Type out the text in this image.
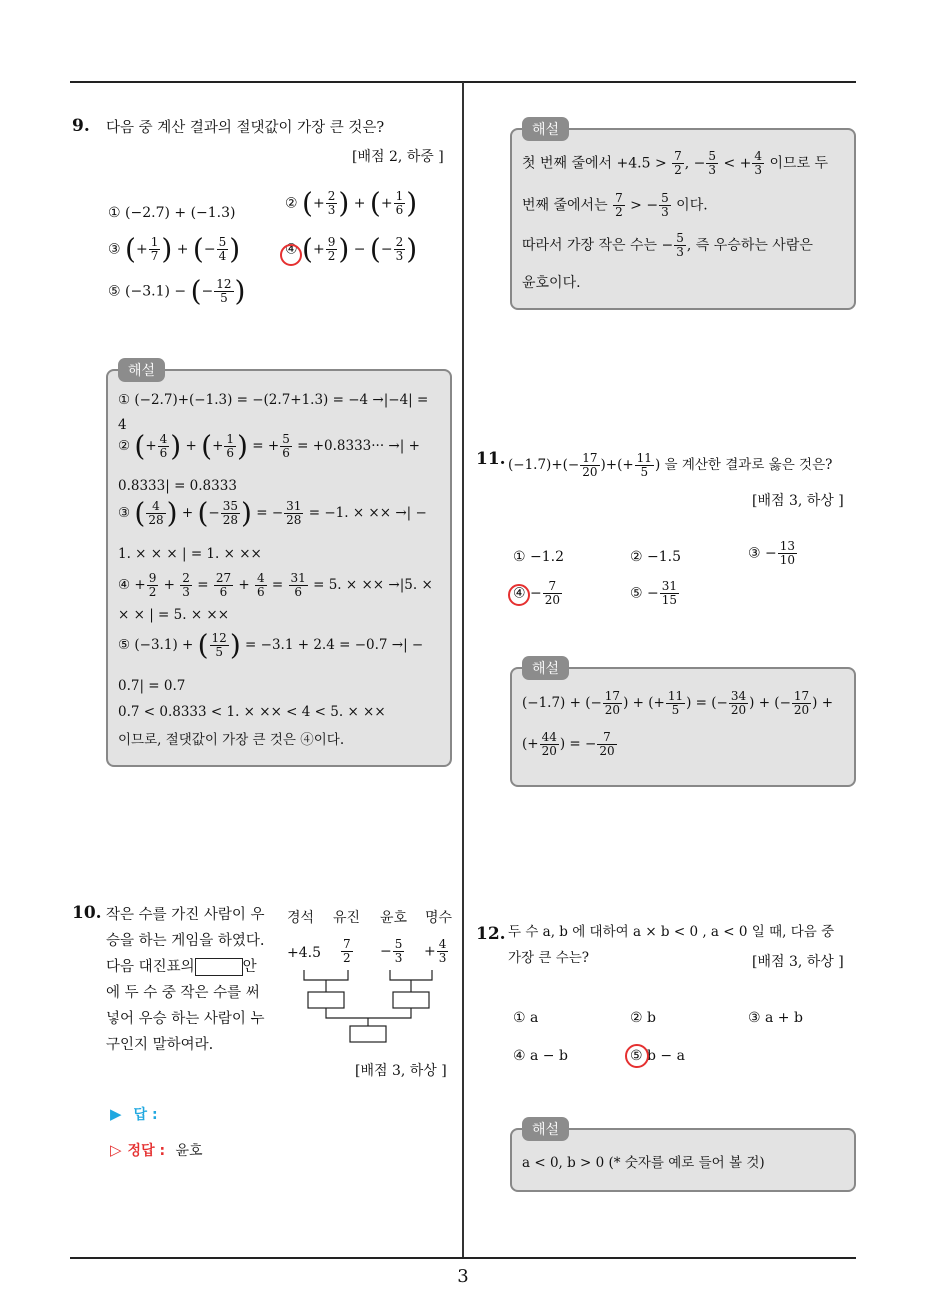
9. 다음 중 계산 결과의 절댓값이 가장 큰 것은?
[배점 2, 하중 ]
① (−2.7) + (−1.3)
② (+ $\frac{2}{3}$ ) + (+ $\frac{1}{6}$ )
③ (+ $\frac{1}{7}$ ) + (− $\frac{5}{4}$ )	④ (+ $\frac{9}{2}$ ) − (− $\frac{2}{3}$ )
⑤ (−3.1) − (− $\frac{12}{5}$ )
해설
① (−2.7)+(−1.3) = −(2.7+1.3) = −4 →|−4| =
4
② (+ $\frac{4}{6}$ ) + (+ $\frac{1}{6}$ ) = + $\frac{5}{6} = +0.8333\cdot\cdot\cdot$ →| +
0.8333| = 0.8333
③ ( $\frac{4}{28}$ ) + (− $\frac{35}{28}$ ) = − $\frac{31}{28} = -1$. × ×× →| −
1. × × × | = 1. × ××
④ + $\frac{9}{2} + \frac{2}{3} = \frac{27}{6} + \frac{4}{6} = \frac{31}{6} = 5$. × ×× →|5. ×
× × | = 5. × ××
⑤ (−3.1) + ( $\frac{12}{5}$ ) = −3.1 + 2.4 = −0.7 →| −
0.7| = 0.7
0.7 < 0.8333 < 1. × ×× < 4 < 5. × ××
이므로, 절댓값이 가장 큰 것은 ④이다.
10. 작은 수를 가진 사람이 우
승을 하는 게임을 하였다.
다음 대진표의	안
에 두 수 중 작은 수를 써
넣어 우승 하는 사람이 누
구인지 말하여라.
경석 유진 윤호 명수
$+4.5 \frac{7}{2} - \frac{5}{3} + \frac{4}{3}$
[배점 3, 하상 ]
▶ 답 :
▷ 정답 : 윤호
해설
첫 번째 줄에서 $+4.5 > \frac{7}{2}$ , − $\frac{5}{3}$ < + $\frac{4}{3}$ 이므로 두
번째 줄에서는 $\frac{7}{2}$ > − $\frac{5}{3}$ 이다.
따라서 가장 작은 수는 − $\frac{5}{3}$ , 즉 우승하는 사람은
윤호이다.
11. $(-1.7)+(- \frac{17}{20}$ )+(+ $\frac{11}{5}$ ) 을 계산한 결과로 옳은 것은?
[배점 3, 하상 ]
① −1.2	② −1.5	③ − $\frac{13}{10}$
④ − $\frac{7}{20}$	⑤ − $\frac{31}{15}$
해설
(−1.7) + (− $\frac{17}{20}$ ) + (+ $\frac{11}{5}$ ) = (− $\frac{34}{20}$ ) + (− $\frac{17}{20}$ ) +
(+ $\frac{44}{20}$ ) = − $\frac{7}{20}$
12. 두 수 a, b 에 대하여 a × b < 0 , a < 0 일 때, 다음 중
가장 큰 수는?	[배점 3, 하상 ]
① a	② b	③ a + b
④ a − b	⑤ b − a
해설
a < 0, b > 0 (* 숫자를 예로 들어 볼 것)
3
